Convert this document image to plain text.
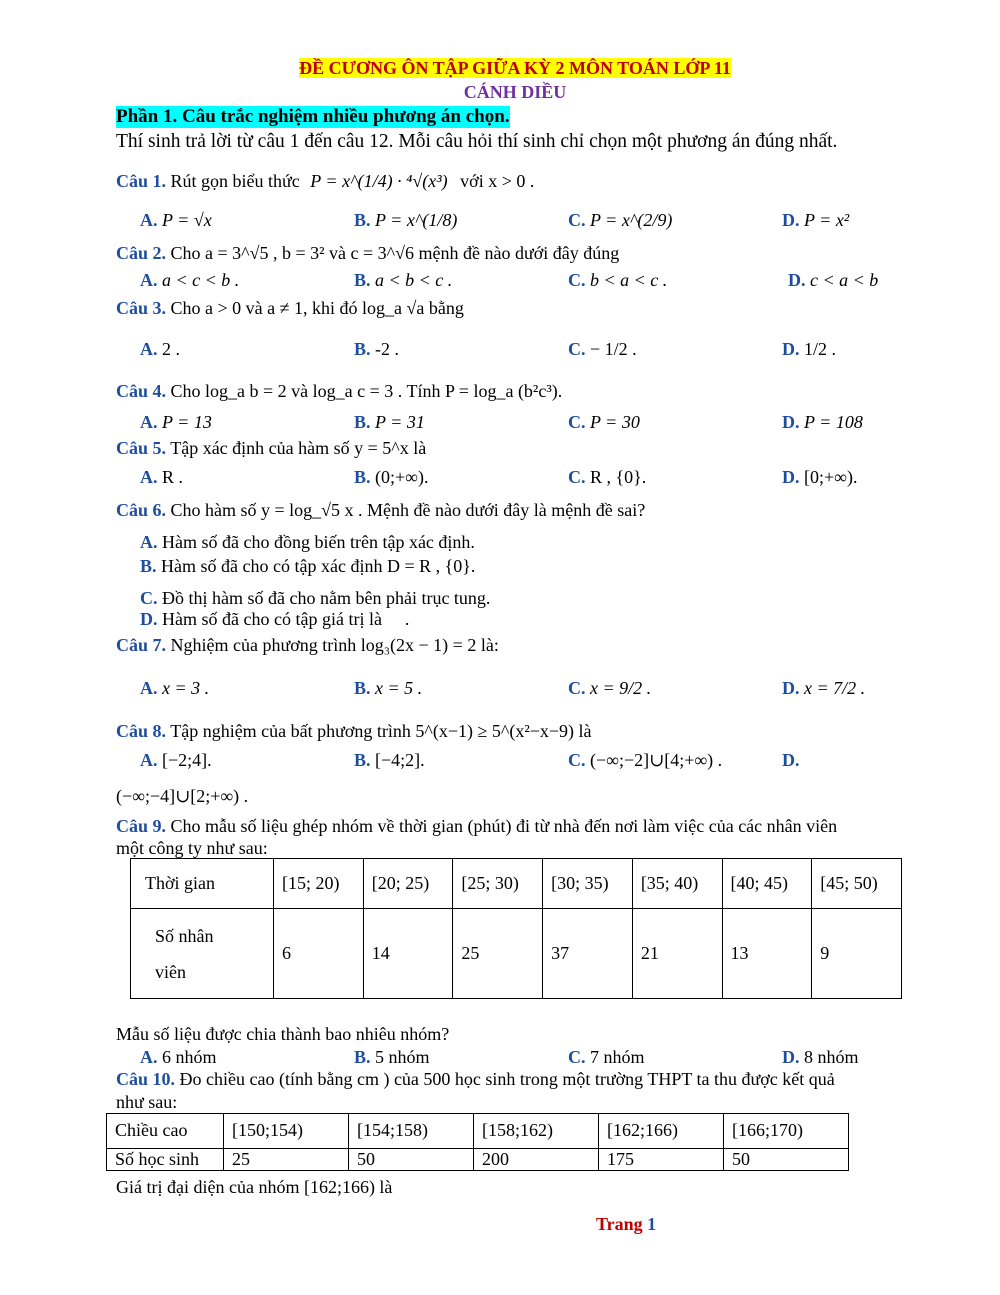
ĐỀ CƯƠNG ÔN TẬP GIỮA KỲ 2 MÔN TOÁN LỚP 11
CÁNH DIỀU
Phần 1. Câu trắc nghiệm nhiều phương án chọn.
Thí sinh trả lời từ câu 1 đến câu 12. Mỗi câu hỏi thí sinh chỉ chọn một phương án đúng nhất.
Câu 1. Rút gọn biểu thức P = x^(1/4) · ⁴√(x³) với x > 0 .
A. P = √x	B. P = x^(1/8)	C. P = x^(2/9)	D. P = x²
Câu 2. Cho a = 3^√5 , b = 3² và c = 3^√6 mệnh đề nào dưới đây đúng
A. a < c < b .	B. a < b < c .	C. b < a < c .	D. c < a < b
Câu 3. Cho a > 0 và a ≠ 1, khi đó log_a √a bằng
A. 2 .	B. -2 .	C. − 1/2 .	D. 1/2 .
Câu 4. Cho log_a b = 2 và log_a c = 3 . Tính P = log_a (b²c³).
A. P = 13	B. P = 31	C. P = 30	D. P = 108
Câu 5. Tập xác định của hàm số y = 5^x là
A. R .	B. (0;+∞).	C. R , {0}.	D. [0;+∞).
Câu 6. Cho hàm số y = log_√5 x . Mệnh đề nào dưới đây là mệnh đề sai?
A. Hàm số đã cho đồng biến trên tập xác định.
B. Hàm số đã cho có tập xác định D = R , {0}.
C. Đồ thị hàm số đã cho nằm bên phải trục tung.
D. Hàm số đã cho có tập giá trị là ⃞ .
Câu 7. Nghiệm của phương trình log₃(2x − 1) = 2 là:
A. x = 3 .	B. x = 5 .	C. x = 9/2 .	D. x = 7/2 .
Câu 8. Tập nghiệm của bất phương trình 5^(x−1) ≥ 5^(x²−x−9) là
A. [−2;4].	B. [−4;2].	C. (−∞;−2]∪[4;+∞) .	D.
(−∞;−4]∪[2;+∞) .
Câu 9. Cho mẫu số liệu ghép nhóm về thời gian (phút) đi từ nhà đến nơi làm việc của các nhân viên
một công ty như sau:
Thời gian	[15; 20)	[20; 25)	[25; 30)	[30; 35)	[35; 40)	[40; 45)	[45; 50)

Số nhân
viên	6	14	25	37	21	13	9
Mẫu số liệu được chia thành bao nhiêu nhóm?
A. 6 nhóm	B. 5 nhóm	C. 7 nhóm	D. 8 nhóm
Câu 10. Đo chiều cao (tính bằng cm ) của 500 học sinh trong một trường THPT ta thu được kết quả
như sau:
Chiều cao	[150;154)	[154;158)	[158;162)	[162;166)	[166;170)
Số học sinh	25	50	200	175	50
Giá trị đại diện của nhóm [162;166) là
Trang 1
